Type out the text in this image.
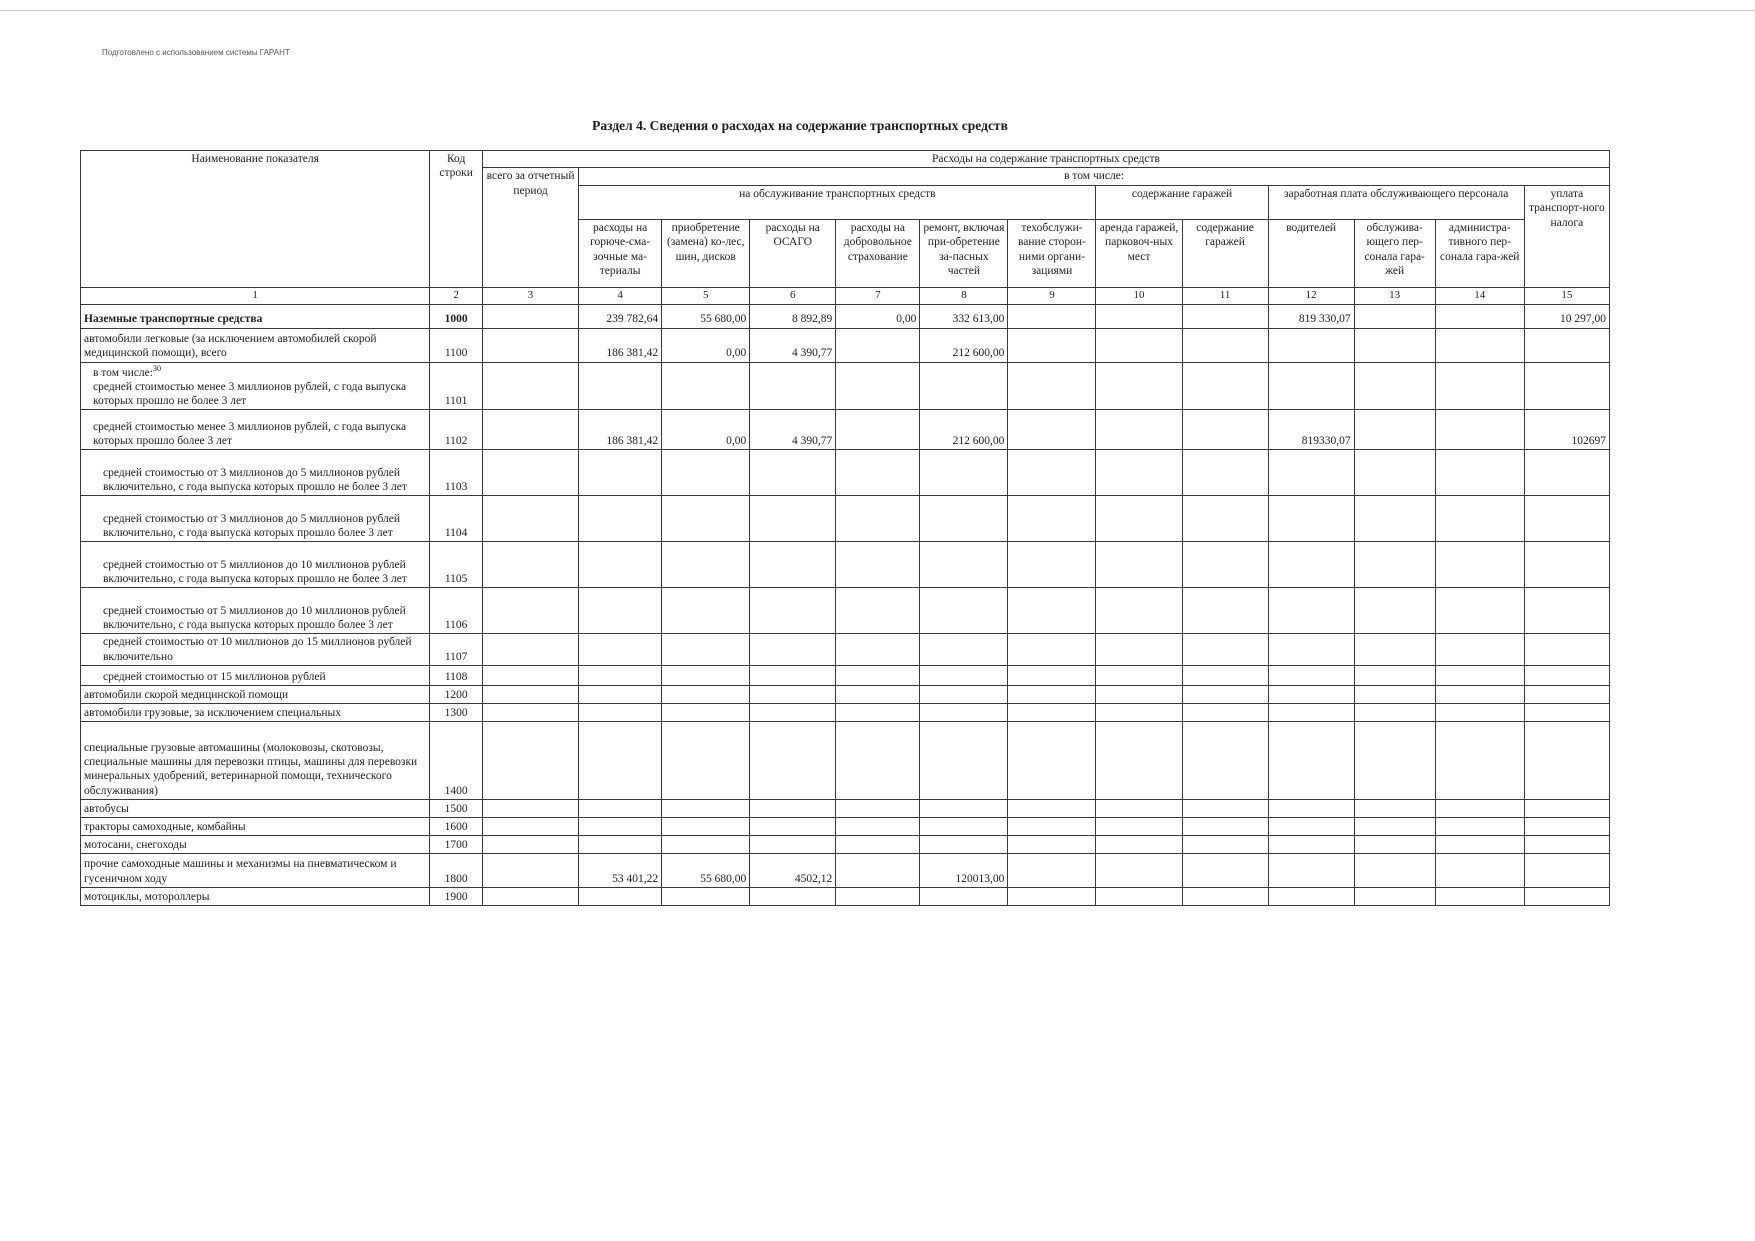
Подготовлено с использованием системы ГАРАНТ
Раздел 4. Сведения о расходах на содержание транспортных средств
Наименование показателя	Код строки	Расходы на содержание транспортных средств												
		всего за отчетный период	в том числе:											
			на обслуживание транспортных средств						содержание гаражей		заработная плата обслуживающего персонала			уплата транспорт-ного налога
			расходы на горюче-сма-зочные ма-териалы	приобретение (замена) ко-лес, шин, дисков	расходы на ОСАГО	расходы на добровольное страхование	ремонт, включая при-обретение за-пасных частей	техобслужи-вание сторон-ними органи-зациями	аренда гаражей, парковоч-ных мест	содержание гаражей	водителей	обслужива-ющего пер-сонала гара-жей	администра-тивного пер-сонала гара-жей	
1	2	3	4	5	6	7	8	9	10	11	12	13	14	15
Наземные транспортные средства	1000		239 782,64	55 680,00	8 892,89	0,00	332 613,00				819 330,07			10 297,00
автомобили легковые (за исключением автомобилей скорой медицинской помощи), всего	1100		186 381,42	0,00	4 390,77		212 600,00							
в том числе:$^{30}$
средней стоимостью менее 3 миллионов рублей, с года выпуска которых прошло не более 3 лет	1101													
средней стоимостью менее 3 миллионов рублей, с года выпуска которых прошло более 3 лет	1102		186 381,42	0,00	4 390,77		212 600,00				819330,07			102697
средней стоимостью от 3 миллионов до 5 миллионов рублей включительно, с года выпуска которых прошло не более 3 лет	1103													
средней стоимостью от 3 миллионов до 5 миллионов рублей включительно, с года выпуска которых прошло более 3 лет	1104													
средней стоимостью от 5 миллионов до 10 миллионов рублей включительно, с года выпуска которых прошло не более 3 лет	1105													
средней стоимостью от 5 миллионов до 10 миллионов рублей включительно, с года выпуска которых прошло более 3 лет	1106													
средней стоимостью от 10 миллионов до 15 миллионов рублей включительно	1107													
средней стоимостью от 15 миллионов рублей	1108													
автомобили скорой медицинской помощи	1200													
автомобили грузовые, за исключением специальных	1300													
специальные грузовые автомашины (молоковозы, скотовозы, специальные машины для перевозки птицы, машины для перевозки минеральных удобрений, ветеринарной помощи, технического обслуживания)	1400													
автобусы	1500													
тракторы самоходные, комбайны	1600													
мотосани, снегоходы	1700													
прочие самоходные машины и механизмы на пневматическом и гусеничном ходу	1800		53 401,22	55 680,00	4502,12		120013,00							
мотоциклы, мотороллеры	1900													
